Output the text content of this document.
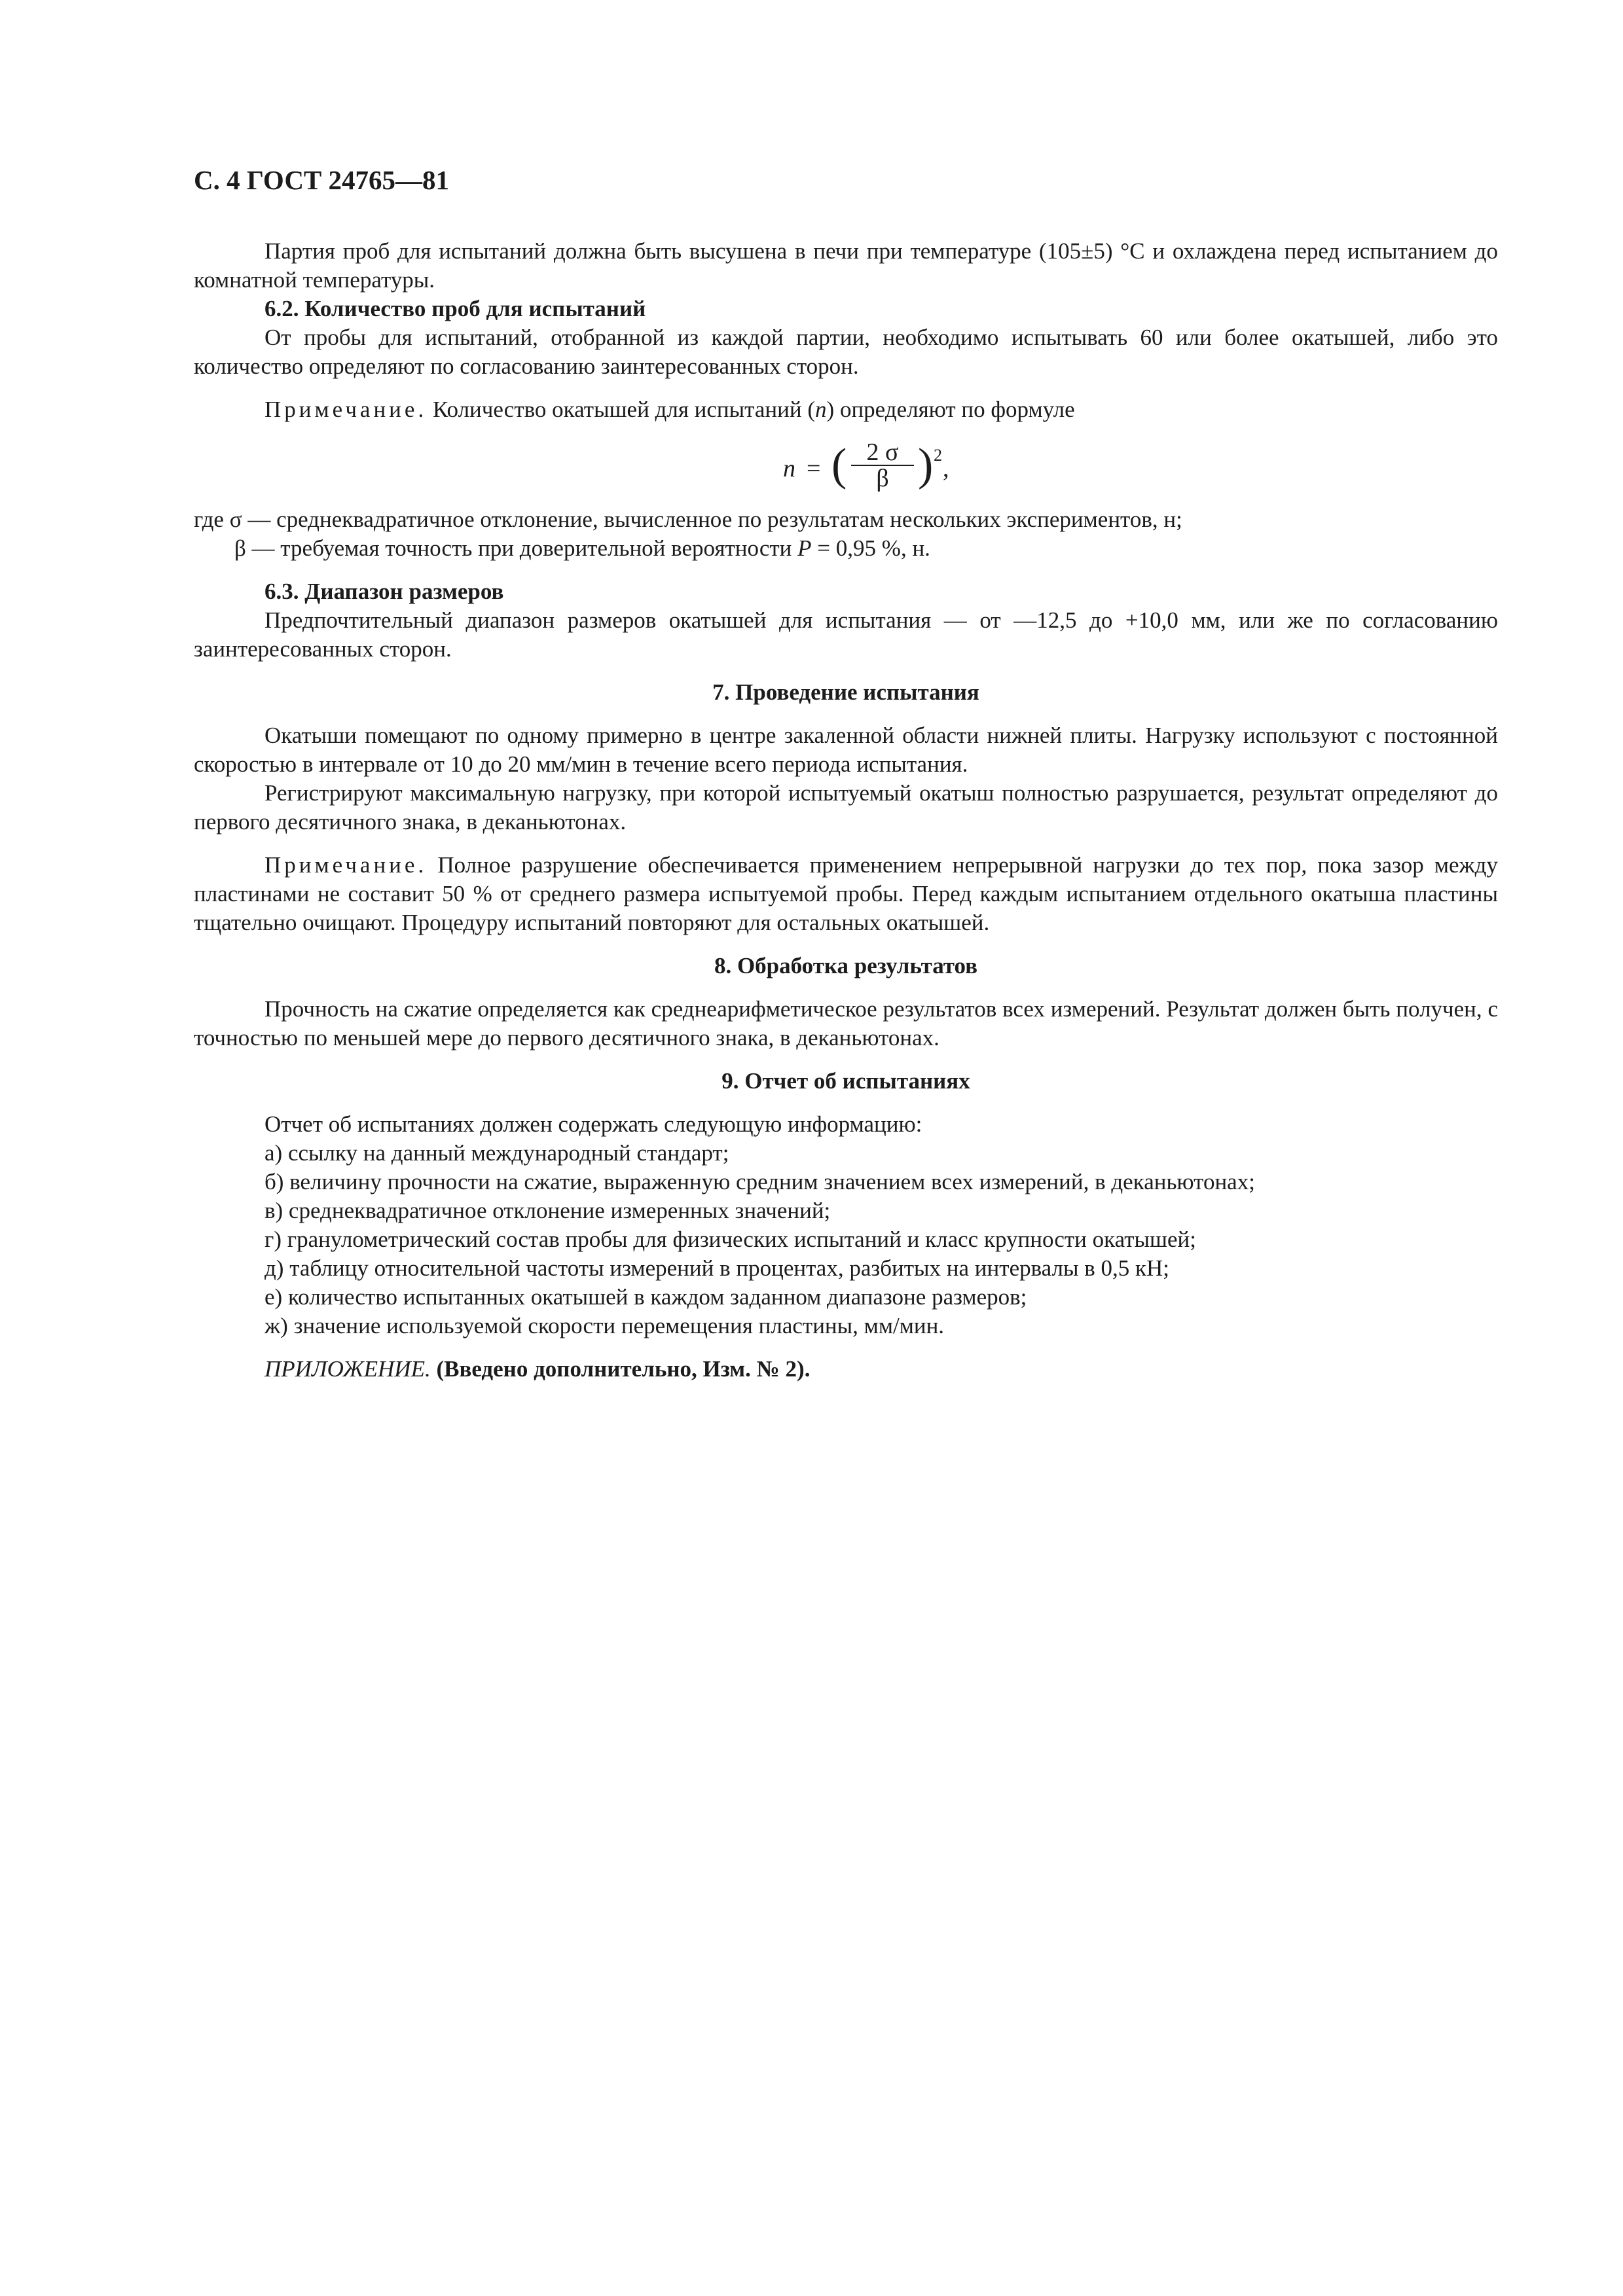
С. 4 ГОСТ 24765—81

Партия проб для испытаний должна быть высушена в печи при температуре (105±5) °С и охлаждена перед испытанием до комнатной температуры.

6.2. Количество проб для испытаний

От пробы для испытаний, отобранной из каждой партии, необходимо испытывать 60 или более окатышей, либо это количество определяют по согласованию заинтересованных сторон.

Примечание. Количество окатышей для испытаний (n) определяют по формуле

n = ( $\frac{2 \sigma}{\beta}$ ) 2 ,

где σ — среднеквадратичное отклонение, вычисленное по результатам нескольких экспериментов, н;

β — требуемая точность при доверительной вероятности P = 0,95 %, н.

6.3. Диапазон размеров

Предпочтительный диапазон размеров окатышей для испытания — от —12,5 до +10,0 мм, или же по согласованию заинтересованных сторон.

7. Проведение испытания

Окатыши помещают по одному примерно в центре закаленной области нижней плиты. Нагрузку используют с постоянной скоростью в интервале от 10 до 20 мм/мин в течение всего периода испытания.

Регистрируют максимальную нагрузку, при которой испытуемый окатыш полностью разрушается, результат определяют до первого десятичного знака, в деканьютонах.

Примечание. Полное разрушение обеспечивается применением непрерывной нагрузки до тех пор, пока зазор между пластинами не составит 50 % от среднего размера испытуемой пробы. Перед каждым испытанием отдельного окатыша пластины тщательно очищают. Процедуру испытаний повторяют для остальных окатышей.

8. Обработка результатов

Прочность на сжатие определяется как среднеарифметическое результатов всех измерений. Результат должен быть получен, с точностью по меньшей мере до первого десятичного знака, в деканьютонах.

9. Отчет об испытаниях

Отчет об испытаниях должен содержать следующую информацию:

а) ссылку на данный международный стандарт;

б) величину прочности на сжатие, выраженную средним значением всех измерений, в деканьютонах;

в) среднеквадратичное отклонение измеренных значений;

г) гранулометрический состав пробы для физических испытаний и класс крупности окатышей;

д) таблицу относительной частоты измерений в процентах, разбитых на интервалы в 0,5 кН;

е) количество испытанных окатышей в каждом заданном диапазоне размеров;

ж) значение используемой скорости перемещения пластины, мм/мин.

ПРИЛОЖЕНИЕ. (Введено дополнительно, Изм. № 2).
